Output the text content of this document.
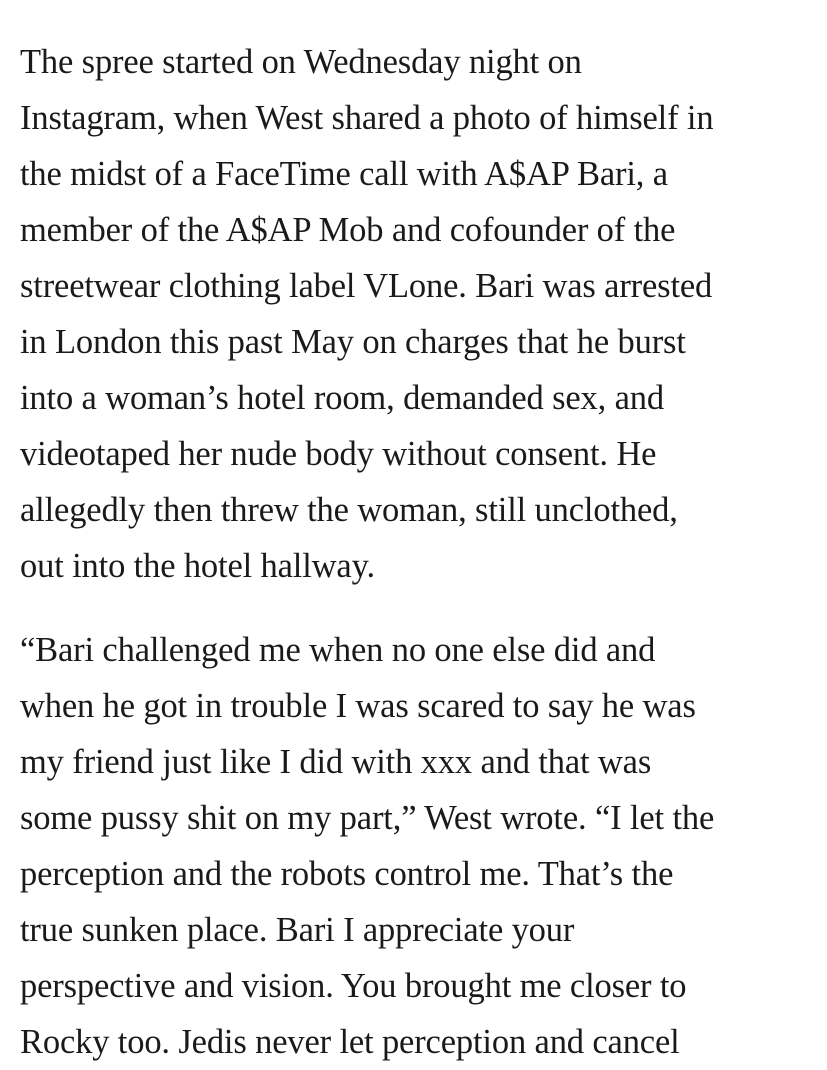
The spree started on Wednesday night on
Instagram, when West shared a photo of himself in
the midst of a FaceTime call with A$AP Bari, a
member of the A$AP Mob and cofounder of the
streetwear clothing label VLone. Bari was arrested
in London this past May on charges that he burst
into a woman’s hotel room, demanded sex, and
videotaped her nude body without consent. He
allegedly then threw the woman, still unclothed,
out into the hotel hallway.

“Bari challenged me when no one else did and
when he got in trouble I was scared to say he was
my friend just like I did with xxx and that was
some pussy shit on my part,” West wrote. “I let the
perception and the robots control me. That’s the
true sunken place. Bari I appreciate your
perspective and vision. You brought me closer to
Rocky too. Jedis never let perception and cancel
